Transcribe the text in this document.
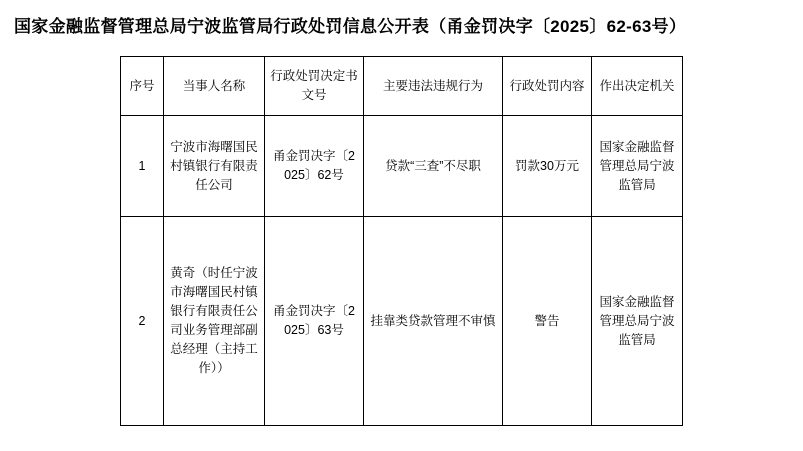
国家金融监督管理总局宁波监管局行政处罚信息公开表（甬金罚决字〔2025〕62-63号）
序号	当事人名称	行政处罚决定书文号	主要违法违规行为	行政处罚内容	作出决定机关
1	宁波市海曙国民村镇银行有限责任公司	甬金罚决字〔2025〕62号	贷款“三查”不尽职	罚款30万元	国家金融监督管理总局宁波监管局
2	黄奇（时任宁波市海曙国民村镇银行有限责任公司业务管理部副总经理（主持工作））	甬金罚决字〔2025〕63号	挂靠类贷款管理不审慎	警告	国家金融监督管理总局宁波监管局
